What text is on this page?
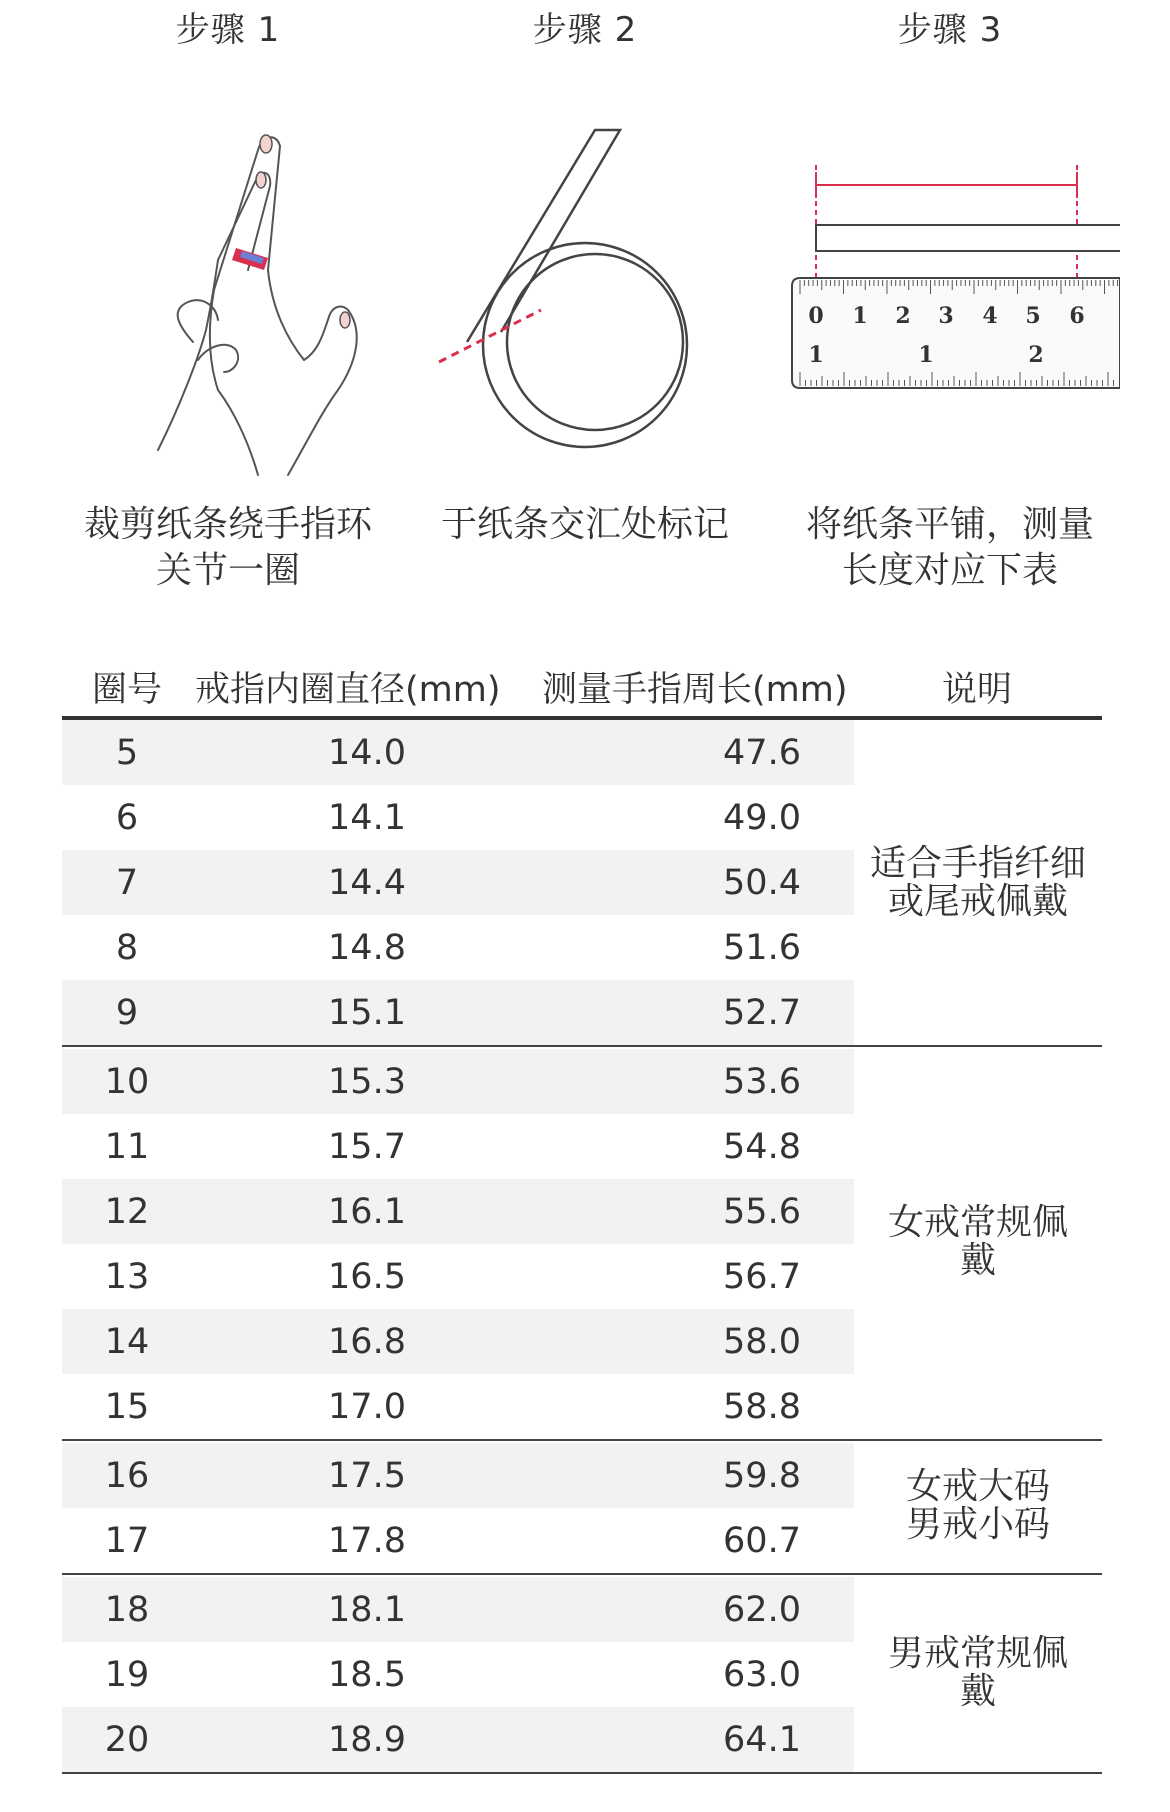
步骤 1
裁剪纸条绕手指环
关节一圈
步骤 2
于纸条交汇处标记
步骤 3
0 1 2 3 4 5 6
1	1	2
将纸条平铺，测量
长度对应下表
圈号 戒指内圈直径(mm) 测量手指周长(mm)	说明
5	14.0	47.6
6	14.1	49.0
7	14.4	50.4
8	14.8	51.6
9	15.1	52.7
适合手指纤细
或尾戒佩戴
10	15.3	53.6
11	15.7	54.8
12	16.1	55.6
13	16.5	56.7
14	16.8	58.0
15	17.0	58.8
女戒常规佩
戴
16	17.5	59.8
17	17.8	60.7
女戒大码
男戒小码
18	18.1	62.0
19	18.5	63.0
20	18.9	64.1
男戒常规佩
戴
